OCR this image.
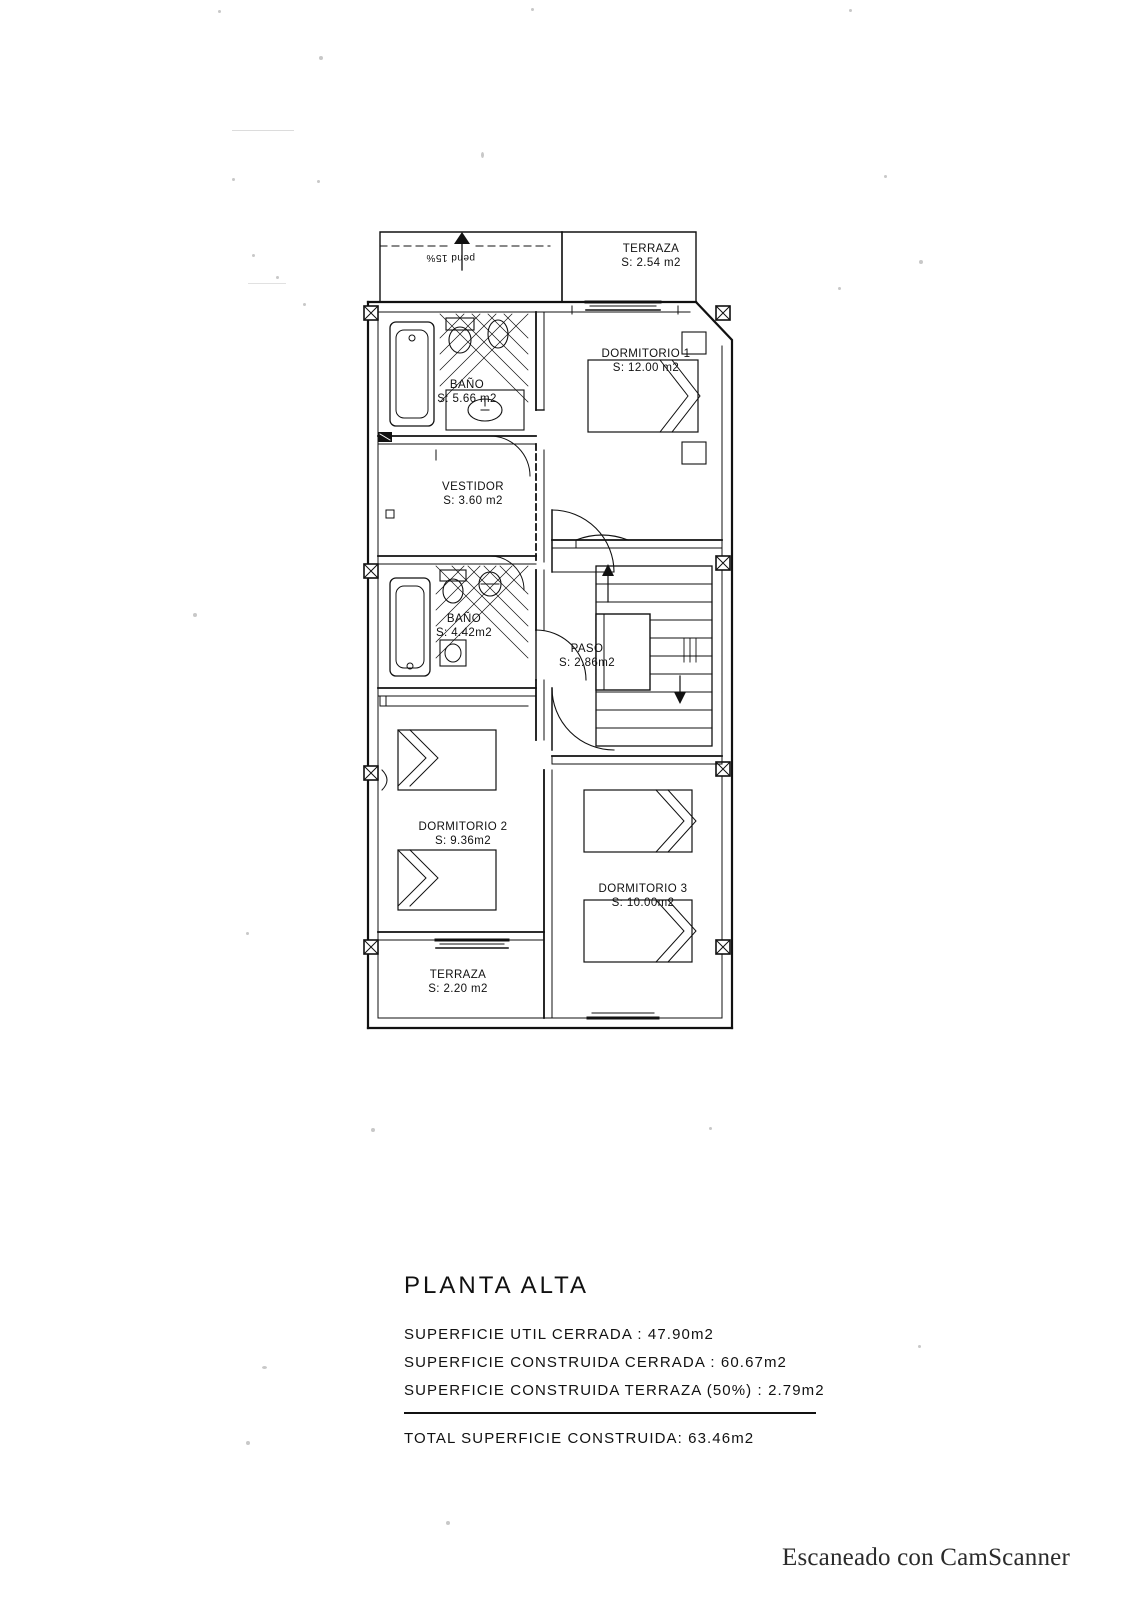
pend 15%
TERRAZA
S: 2.54 m2
DORMITORIO 1
S: 12.00 m2
BAÑO
S: 5.66 m2
VESTIDOR
S: 3.60 m2
BAÑO
S: 4.42m2
PASO
S: 2.86m2
DORMITORIO 2
S: 9.36m2
DORMITORIO 3
S: 10.00m2
TERRAZA
S: 2.20 m2
PLANTA ALTA
SUPERFICIE UTIL CERRADA : 47.90m2
SUPERFICIE CONSTRUIDA CERRADA : 60.67m2
SUPERFICIE CONSTRUIDA TERRAZA (50%) : 2.79m2
TOTAL SUPERFICIE CONSTRUIDA: 63.46m2
Escaneado con CamScanner
